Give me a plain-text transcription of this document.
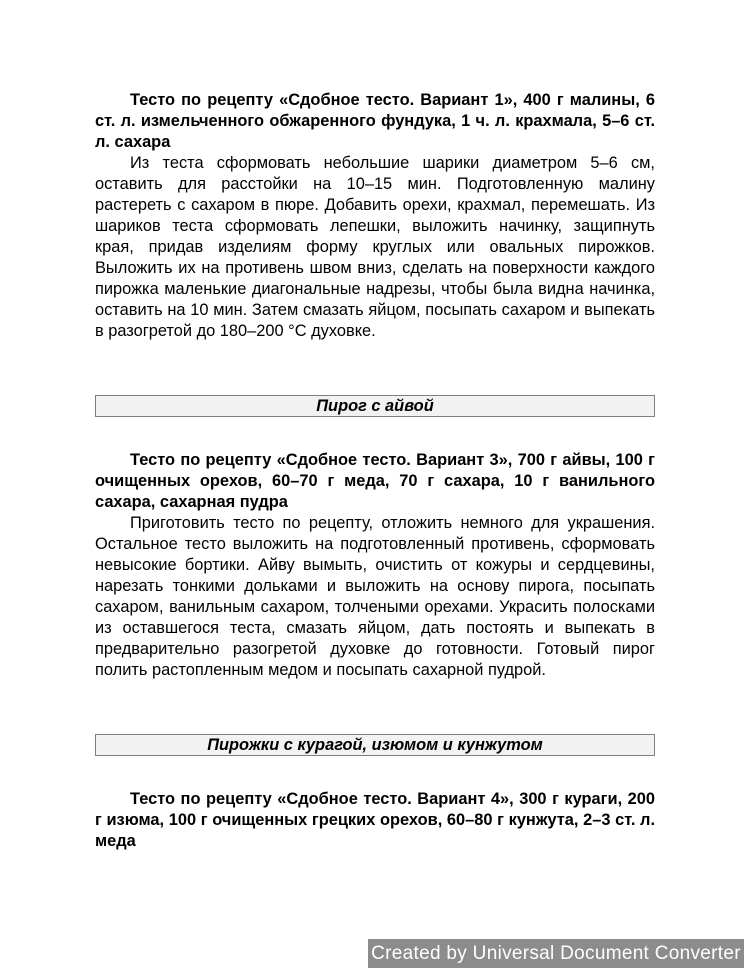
Тесто по рецепту «Сдобное тесто. Вариант 1», 400 г малины, 6 ст. л. измельченного обжаренного фундука, 1 ч. л. крахмала, 5–6 ст. л. сахара

Из теста сформовать небольшие шарики диаметром 5–6 см, оставить для расстойки на 10–15 мин. Подготовленную малину растереть с сахаром в пюре. Добавить орехи, крахмал, перемешать. Из шариков теста сформовать лепешки, выложить начинку, защипнуть края, придав изделиям форму круглых или овальных пирожков. Выложить их на противень швом вниз, сделать на поверхности каждого пирожка маленькие диагональные надрезы, чтобы была видна начинка, оставить на 10 мин. Затем смазать яйцом, посыпать сахаром и выпекать в разогретой до 180–200 °С духовке.

Пирог с айвой

Тесто по рецепту «Сдобное тесто. Вариант 3», 700 г айвы, 100 г очищенных орехов, 60–70 г меда, 70 г сахара, 10 г ванильного сахара, сахарная пудра

Приготовить тесто по рецепту, отложить немного для украшения. Остальное тесто выложить на подготовленный противень, сформовать невысокие бортики. Айву вымыть, очистить от кожуры и сердцевины, нарезать тонкими дольками и выложить на основу пирога, посыпать сахаром, ванильным сахаром, толчеными орехами. Украсить полосками из оставшегося теста, смазать яйцом, дать постоять и выпекать в предварительно разогретой духовке до готовности. Готовый пирог полить растопленным медом и посыпать сахарной пудрой.

Пирожки с курагой, изюмом и кунжутом

Тесто по рецепту «Сдобное тесто. Вариант 4», 300 г кураги, 200 г изюма, 100 г очищенных грецких орехов, 60–80 г кунжута, 2–3 ст. л. меда

Created by Universal Document Converter
